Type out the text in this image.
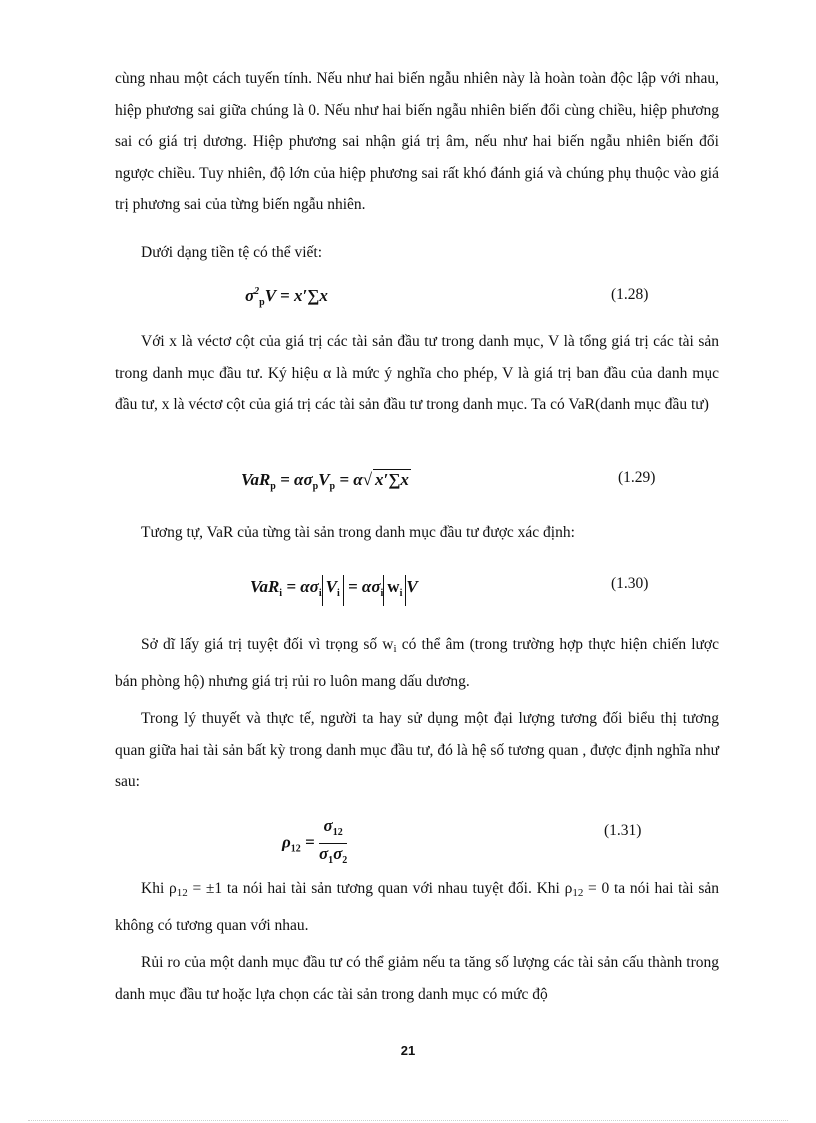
cùng nhau một cách tuyến tính. Nếu như hai biến ngẫu nhiên này là hoàn toàn độc lập với nhau, hiệp phương sai giữa chúng là 0. Nếu như hai biến ngẫu nhiên biến đổi cùng chiều, hiệp phương sai có giá trị dương. Hiệp phương sai nhận giá trị âm, nếu như hai biến ngẫu nhiên biến đổi ngược chiều. Tuy nhiên, độ lớn của hiệp phương sai rất khó đánh giá và chúng phụ thuộc vào giá trị phương sai của từng biến ngẫu nhiên.

Dưới dạng tiền tệ có thể viết:

$\sigma^2_pV = x'\sum x$	(1.28)

Với x là véctơ cột của giá trị các tài sản đầu tư trong danh mục, V là tổng giá trị các tài sản trong danh mục đầu tư. Ký hiệu α là mức ý nghĩa cho phép, V là giá trị ban đầu của danh mục đầu tư, x là véctơ cột của giá trị các tài sản đầu tư trong danh mục. Ta có VaR(danh mục đầu tư)

$VaR_p = \alpha\sigma_pV_p = \alpha√$ x′∑x	(1.29)

Tương tự, VaR của từng tài sản trong danh mục đầu tư được xác định:

$VaR_i = \alpha\sigma_i$ $V_i = \alpha\sigma_i$ $w_i$ V	(1.30)

Sở dĩ lấy giá trị tuyệt đối vì trọng số $w_i$ có thể âm (trong trường hợp thực hiện chiến lược bán phòng hộ) nhưng giá trị rủi ro luôn mang dấu dương.

Trong lý thuyết và thực tế, người ta hay sử dụng một đại lượng tương đối biểu thị tương quan giữa hai tài sản bất kỳ trong danh mục đầu tư, đó là hệ số tương quan , được định nghĩa như sau:

$\rho_{12} = \frac{\sigma_{12}}{\sigma_1\sigma_2}$	(1.31)

Khi $\rho_{12} = \pm 1$ ta nói hai tài sản tương quan với nhau tuyệt đối. Khi $\rho_{12} = 0$ ta nói hai tài sản không có tương quan với nhau.

Rủi ro của một danh mục đầu tư có thể giảm nếu ta tăng số lượng các tài sản cấu thành trong danh mục đầu tư hoặc lựa chọn các tài sản trong danh mục có mức độ

21
